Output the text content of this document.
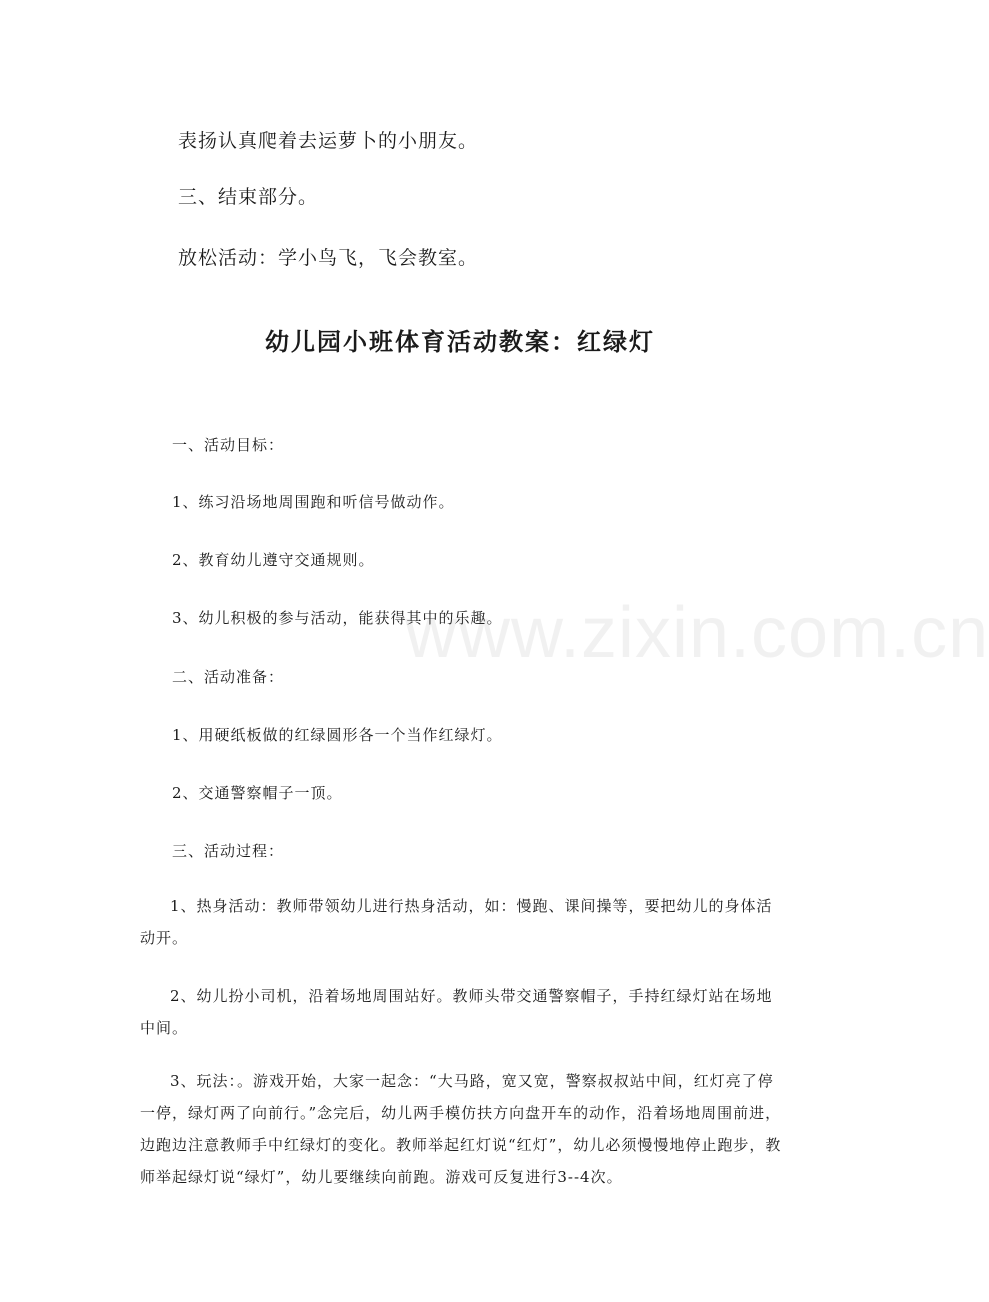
表扬认真爬着去运萝卜的小朋友。

三、结束部分。

放松活动：学小鸟飞，飞会教室。

幼儿园小班体育活动教案：红绿灯

一、活动目标：

1、练习沿场地周围跑和听信号做动作。

2、教育幼儿遵守交通规则。

3、幼儿积极的参与活动，能获得其中的乐趣。

二、活动准备：

1、用硬纸板做的红绿圆形各一个当作红绿灯。

2、交通警察帽子一顶。

三、活动过程：

1、热身活动：教师带领幼儿进行热身活动，如：慢跑、课间操等，要把幼儿的身体活动开。

2、幼儿扮小司机，沿着场地周围站好。教师头带交通警察帽子，手持红绿灯站在场地中间。

3、玩法：。游戏开始，大家一起念：“大马路，宽又宽，警察叔叔站中间，红灯亮了停一停，绿灯两了向前行。”念完后，幼儿两手模仿扶方向盘开车的动作，沿着场地周围前进，边跑边注意教师手中红绿灯的变化。教师举起红灯说“红灯”，幼儿必须慢慢地停止跑步，教师举起绿灯说“绿灯”，幼儿要继续向前跑。游戏可反复进行3--4次。

www.zixin.com.cn
